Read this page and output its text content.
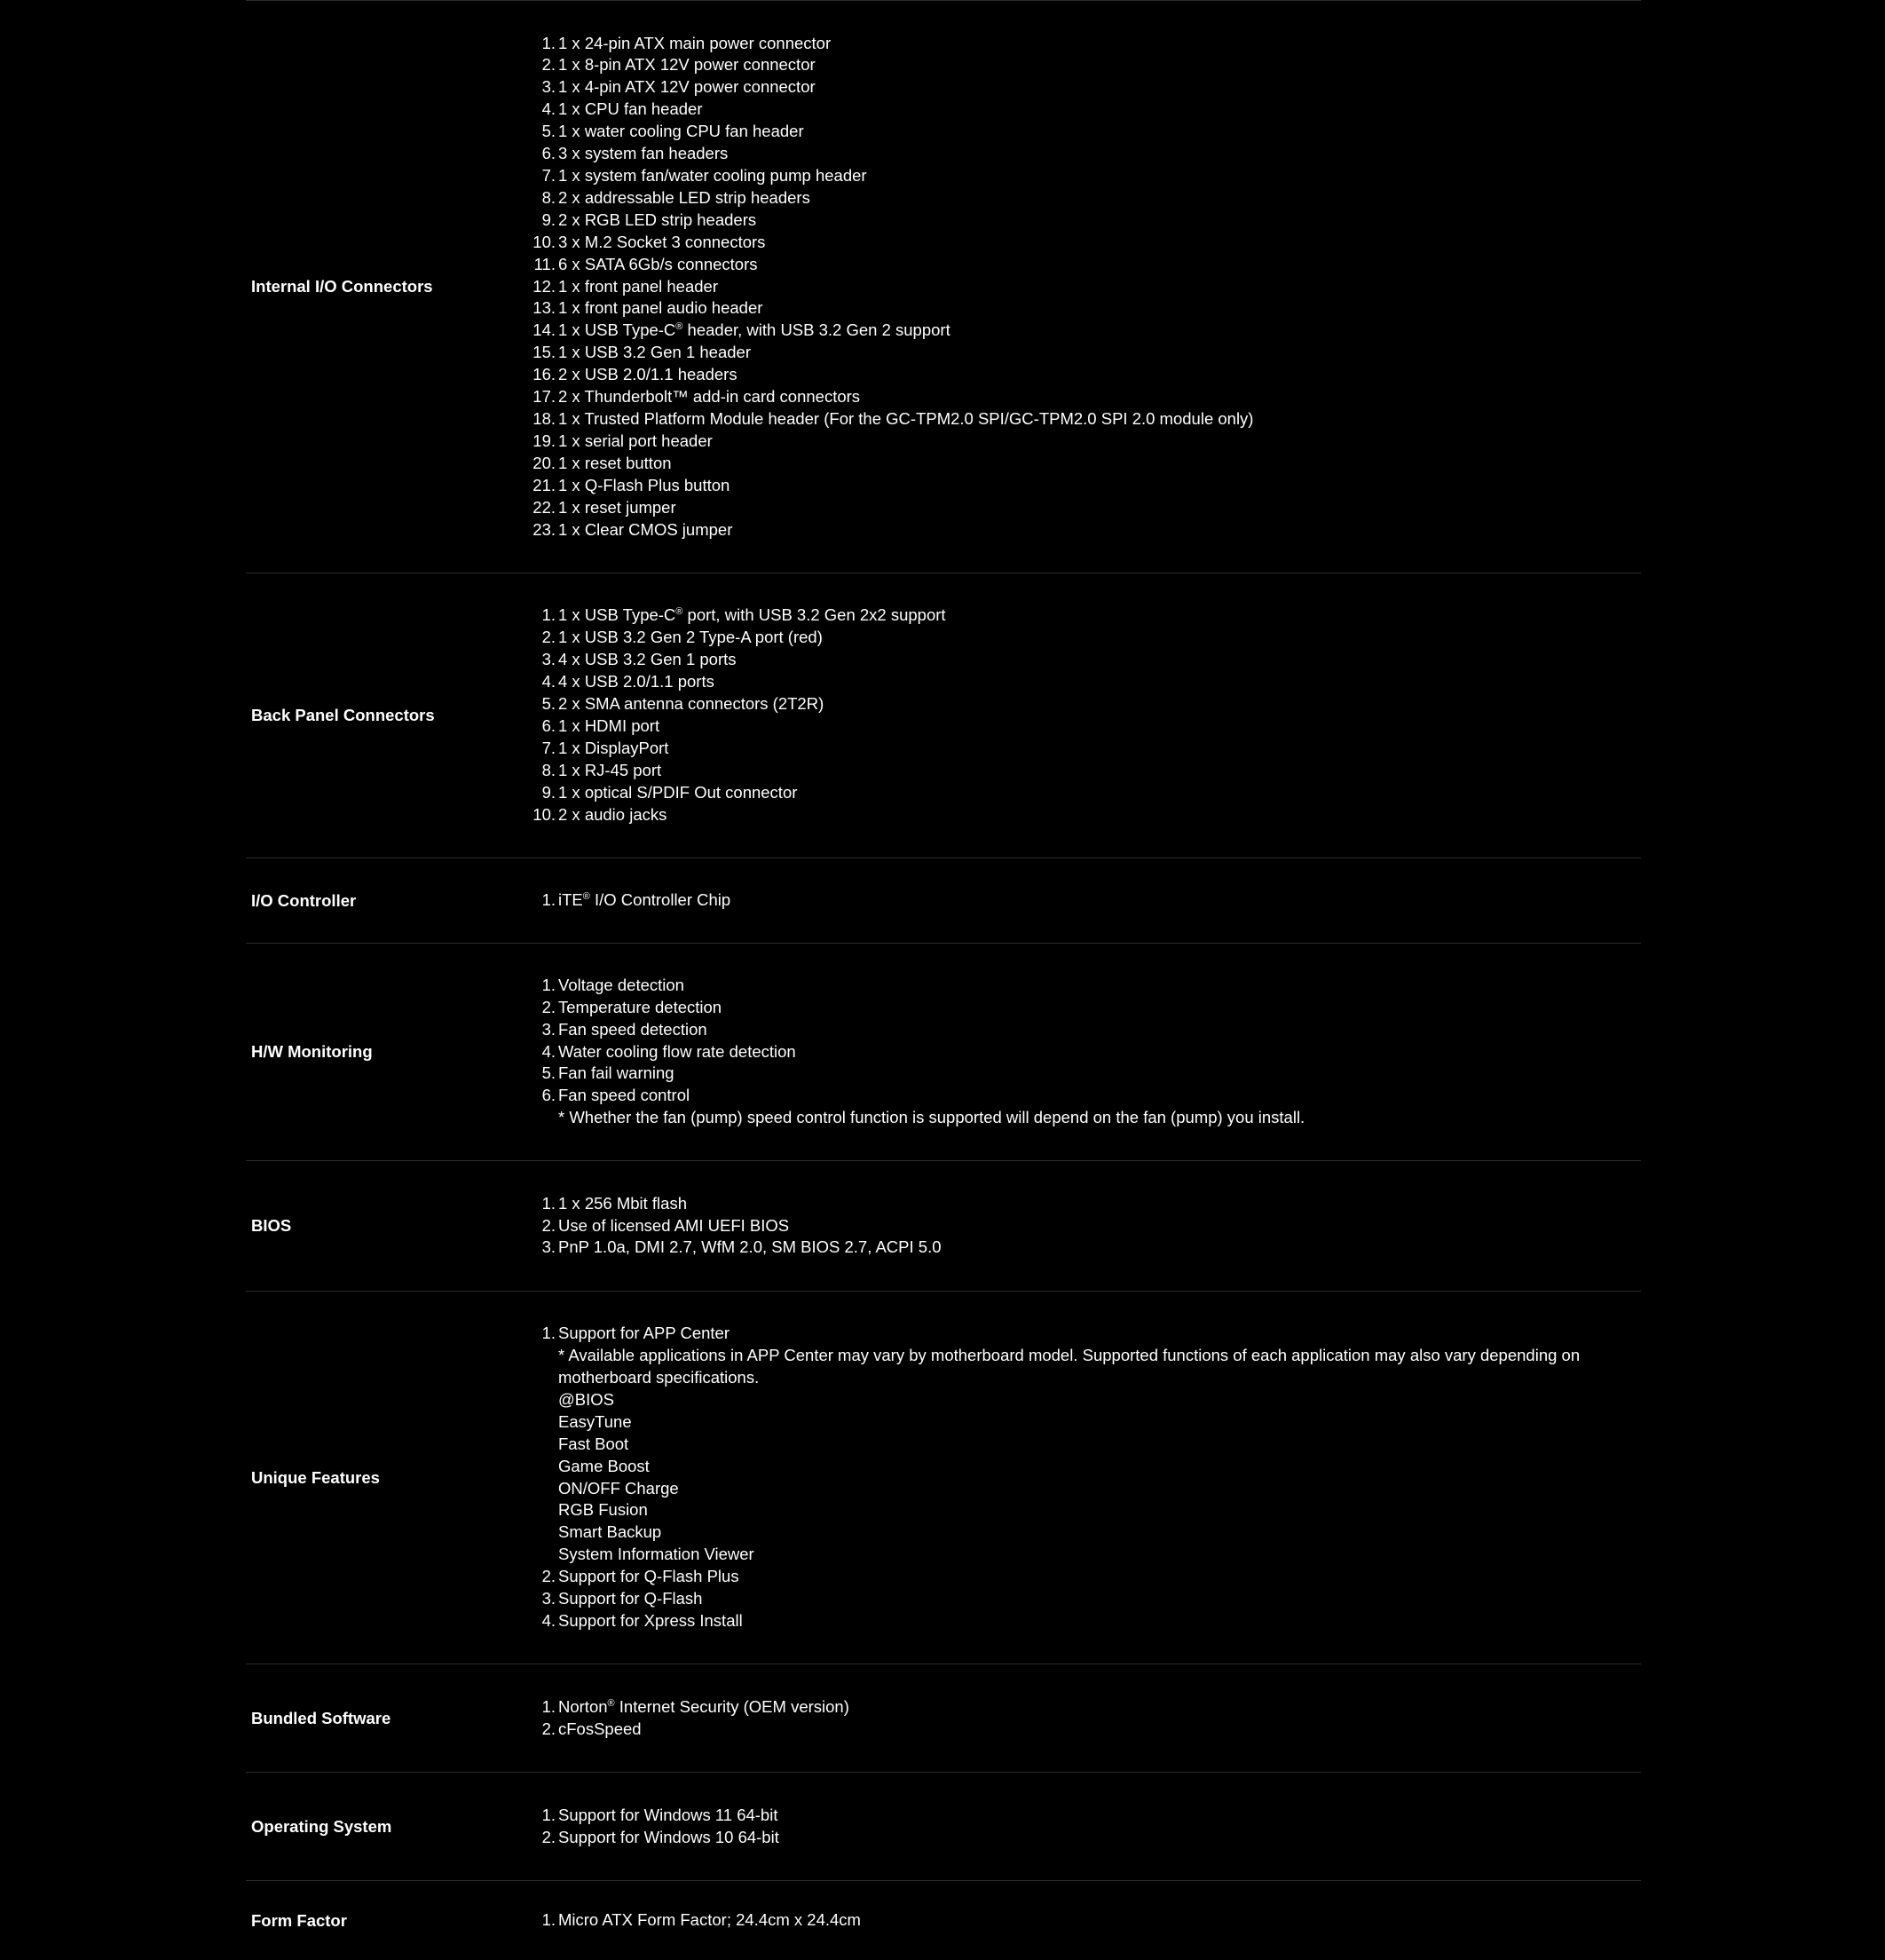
Internal I/O Connectors
1. 1 x 24-pin ATX main power connector
2. 1 x 8-pin ATX 12V power connector
3. 1 x 4-pin ATX 12V power connector
4. 1 x CPU fan header
5. 1 x water cooling CPU fan header
6. 3 x system fan headers
7. 1 x system fan/water cooling pump header
8. 2 x addressable LED strip headers
9. 2 x RGB LED strip headers
10. 3 x M.2 Socket 3 connectors
11. 6 x SATA 6Gb/s connectors
12. 1 x front panel header
13. 1 x front panel audio header
14. 1 x USB Type-C® header, with USB 3.2 Gen 2 support
15. 1 x USB 3.2 Gen 1 header
16. 2 x USB 2.0/1.1 headers
17. 2 x Thunderbolt™ add-in card connectors
18. 1 x Trusted Platform Module header (For the GC-TPM2.0 SPI/GC-TPM2.0 SPI 2.0 module only)
19. 1 x serial port header
20. 1 x reset button
21. 1 x Q-Flash Plus button
22. 1 x reset jumper
23. 1 x Clear CMOS jumper
Back Panel Connectors
1. 1 x USB Type-C® port, with USB 3.2 Gen 2x2 support
2. 1 x USB 3.2 Gen 2 Type-A port (red)
3. 4 x USB 3.2 Gen 1 ports
4. 4 x USB 2.0/1.1 ports
5. 2 x SMA antenna connectors (2T2R)
6. 1 x HDMI port
7. 1 x DisplayPort
8. 1 x RJ-45 port
9. 1 x optical S/PDIF Out connector
10. 2 x audio jacks
I/O Controller	1. iTE® I/O Controller Chip
H/W Monitoring
1. Voltage detection
2. Temperature detection
3. Fan speed detection
4. Water cooling flow rate detection
5. Fan fail warning
6. Fan speed control
* Whether the fan (pump) speed control function is supported will depend on the fan (pump) you install.
BIOS
1. 1 x 256 Mbit flash
2. Use of licensed AMI UEFI BIOS
3. PnP 1.0a, DMI 2.7, WfM 2.0, SM BIOS 2.7, ACPI 5.0
Unique Features
1. Support for APP Center
* Available applications in APP Center may vary by motherboard model. Supported functions of each application may also vary depending on
motherboard specifications.
@BIOS
EasyTune
Fast Boot
Game Boost
ON/OFF Charge
RGB Fusion
Smart Backup
System Information Viewer
2. Support for Q-Flash Plus
3. Support for Q-Flash
4. Support for Xpress Install
Bundled Software
1. Norton® Internet Security (OEM version)
2. cFosSpeed
Operating System
1. Support for Windows 11 64-bit
2. Support for Windows 10 64-bit
Form Factor	1. Micro ATX Form Factor; 24.4cm x 24.4cm
